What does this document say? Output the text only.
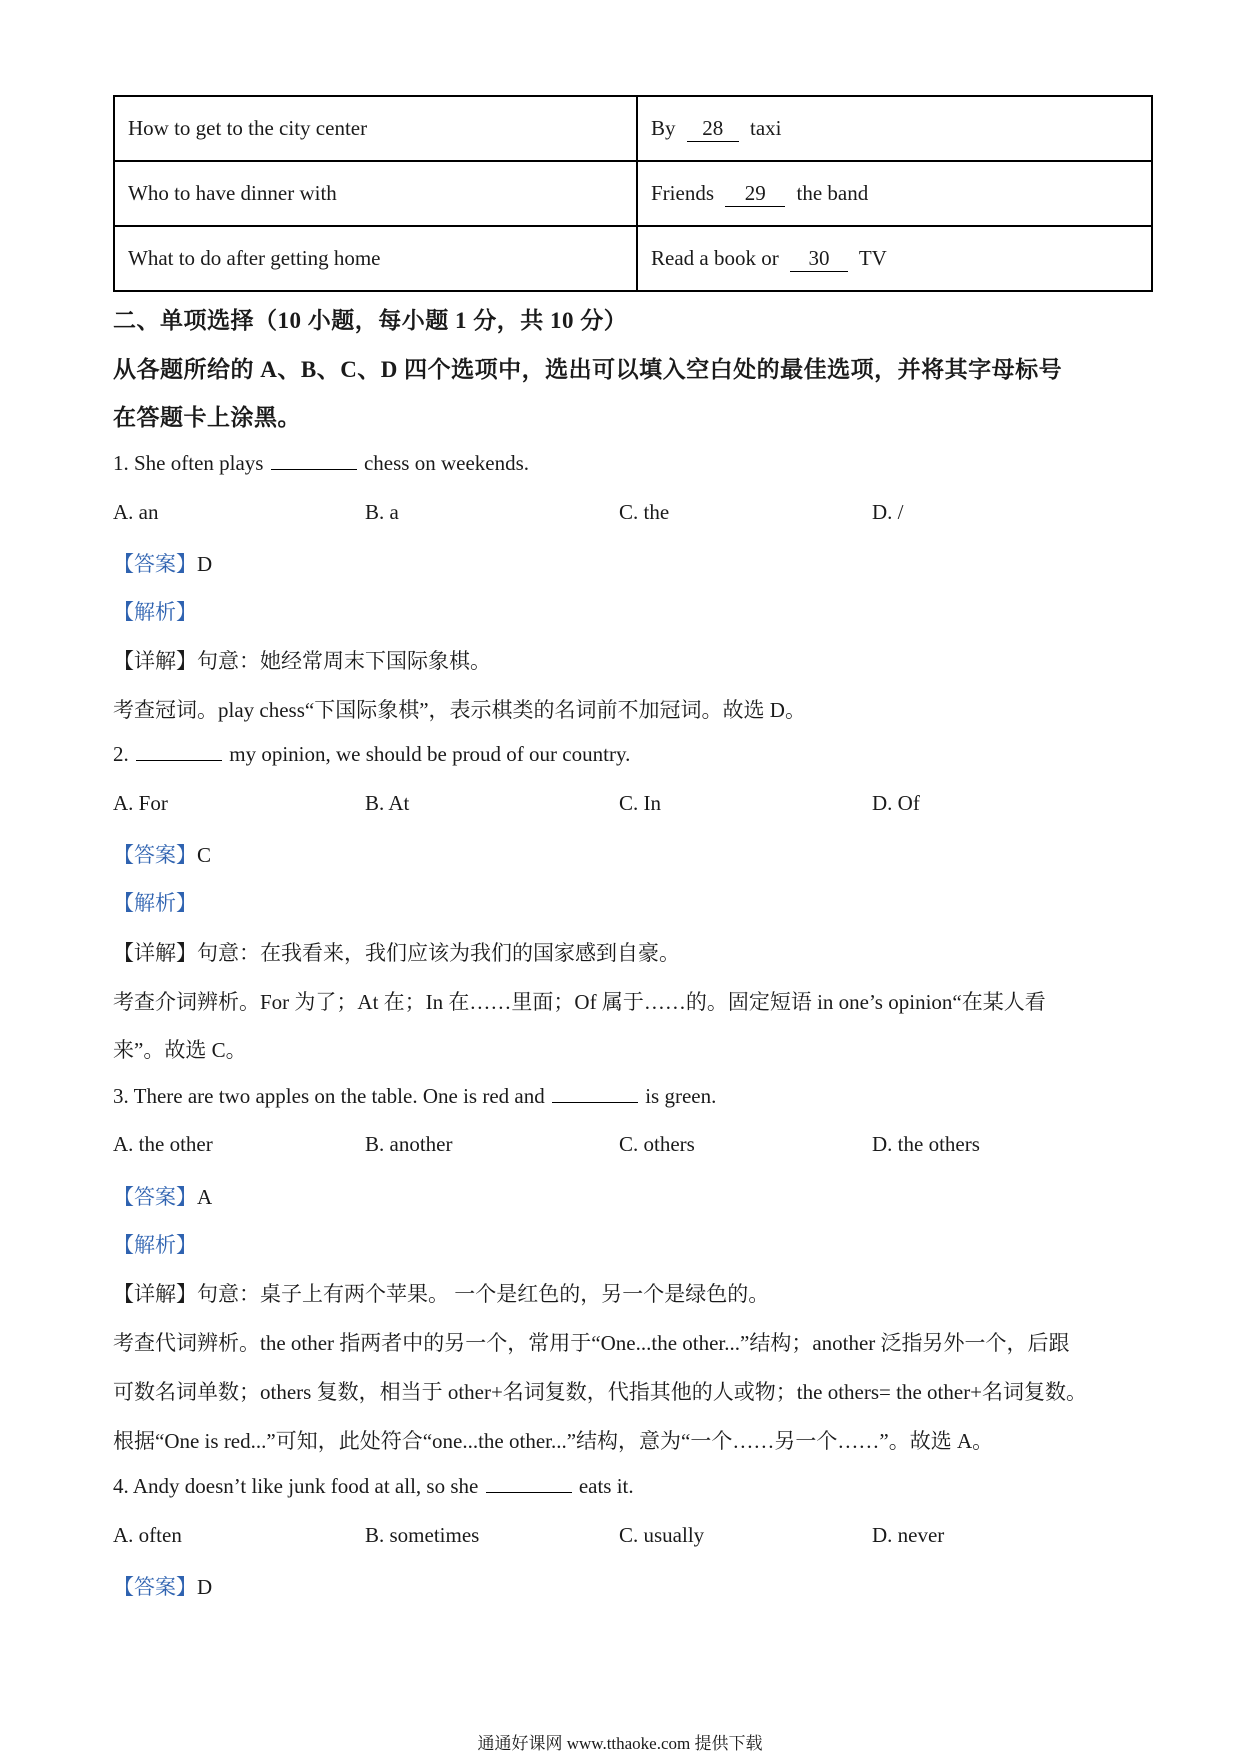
How to get to the city center	By 28 taxi
Who to have dinner with	Friends 29 the band
What to do after getting home	Read a book or 30 TV
二、单项选择（10 小题，每小题 1 分，共 10 分）
从各题所给的 A、B、C、D 四个选项中，选出可以填入空白处的最佳选项，并将其字母标号
在答题卡上涂黑。
1. She often plays	chess on weekends.
A. an	B. a	C. the	D. /
【答案】D
【解析】
【详解】句意：她经常周末下国际象棋。
考查冠词。play chess“下国际象棋”，表示棋类的名词前不加冠词。故选 D。
2.	my opinion, we should be proud of our country.
A. For	B. At	C. In	D. Of
【答案】C
【解析】
【详解】句意：在我看来，我们应该为我们的国家感到自豪。
考查介词辨析。For 为了；At 在；In 在……里面；Of 属于……的。固定短语 in one’s opinion“在某人看
来”。故选 C。
3. There are two apples on the table. One is red and	is green.
A. the other	B. another	C. others	D. the others
【答案】A
【解析】
【详解】句意：桌子上有两个苹果。 一个是红色的，另一个是绿色的。
考查代词辨析。the other 指两者中的另一个，常用于“One...the other...”结构；another 泛指另外一个，后跟
可数名词单数；others 复数，相当于 other+名词复数，代指其他的人或物；the others= the other+名词复数。
根据“One is red...”可知，此处符合“one...the other...”结构，意为“一个……另一个……”。故选 A。
4. Andy doesn’t like junk food at all, so she	eats it.
A. often	B. sometimes	C. usually	D. never
【答案】D
通通好课网 www.tthaoke.com 提供下载
